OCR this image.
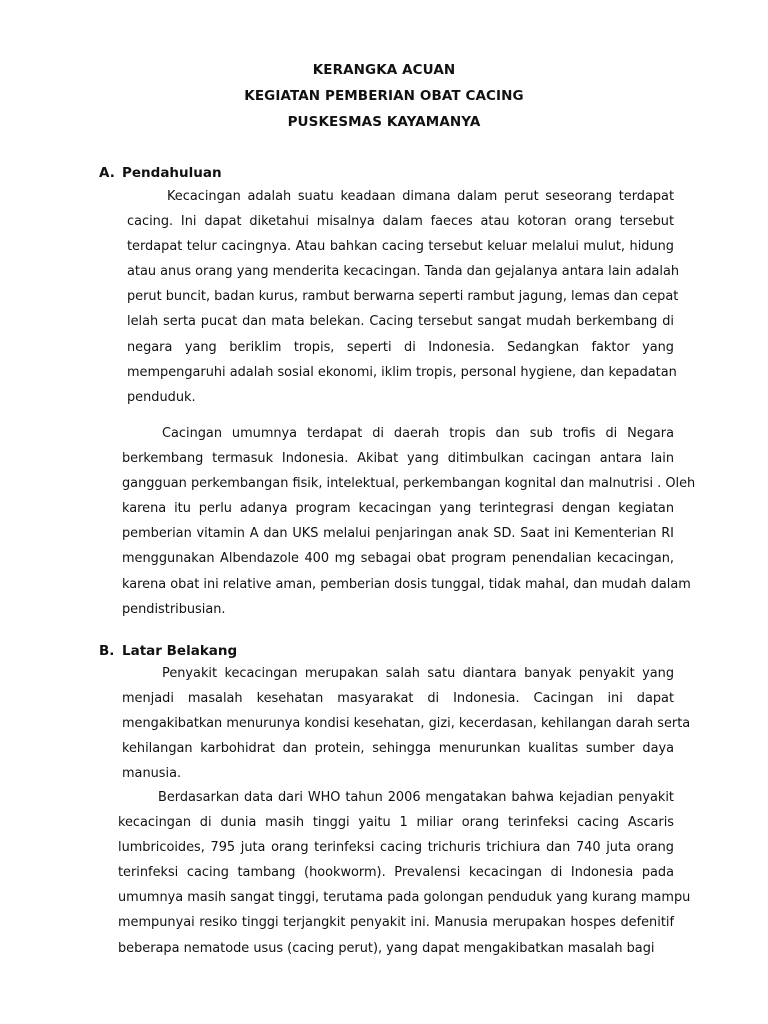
KERANGKA ACUAN
KEGIATAN PEMBERIAN OBAT CACING
PUSKESMAS KAYAMANYA
A. Pendahuluan
Kecacingan adalah suatu keadaan dimana dalam perut seseorang terdapat
cacing. Ini dapat diketahui misalnya dalam faeces atau kotoran orang tersebut
terdapat telur cacingnya. Atau bahkan cacing tersebut keluar melalui mulut, hidung
atau anus orang yang menderita kecacingan. Tanda dan gejalanya antara lain adalah
perut buncit, badan kurus, rambut berwarna seperti rambut jagung, lemas dan cepat
lelah serta pucat dan mata belekan. Cacing tersebut sangat mudah berkembang di
negara yang beriklim tropis, seperti di Indonesia. Sedangkan faktor yang
mempengaruhi adalah sosial ekonomi, iklim tropis, personal hygiene, dan kepadatan
penduduk.
Cacingan umumnya terdapat di daerah tropis dan sub trofis di Negara
berkembang termasuk Indonesia. Akibat yang ditimbulkan cacingan antara lain
gangguan perkembangan fisik, intelektual, perkembangan kognital dan malnutrisi . Oleh
karena itu perlu adanya program kecacingan yang terintegrasi dengan kegiatan
pemberian vitamin A dan UKS melalui penjaringan anak SD. Saat ini Kementerian RI
menggunakan Albendazole 400 mg sebagai obat program penendalian kecacingan,
karena obat ini relative aman, pemberian dosis tunggal, tidak mahal, dan mudah dalam
pendistribusian.
B. Latar Belakang
Penyakit kecacingan merupakan salah satu diantara banyak penyakit yang
menjadi masalah kesehatan masyarakat di Indonesia. Cacingan ini dapat
mengakibatkan menurunya kondisi kesehatan, gizi, kecerdasan, kehilangan darah serta
kehilangan karbohidrat dan protein, sehingga menurunkan kualitas sumber daya
manusia.
Berdasarkan data dari WHO tahun 2006 mengatakan bahwa kejadian penyakit
kecacingan di dunia masih tinggi yaitu 1 miliar orang terinfeksi cacing Ascaris
lumbricoides, 795 juta orang terinfeksi cacing trichuris trichiura dan 740 juta orang
terinfeksi cacing tambang (hookworm). Prevalensi kecacingan di Indonesia pada
umumnya masih sangat tinggi, terutama pada golongan penduduk yang kurang mampu
mempunyai resiko tinggi terjangkit penyakit ini. Manusia merupakan hospes defenitif
beberapa nematode usus (cacing perut), yang dapat mengakibatkan masalah bagi
